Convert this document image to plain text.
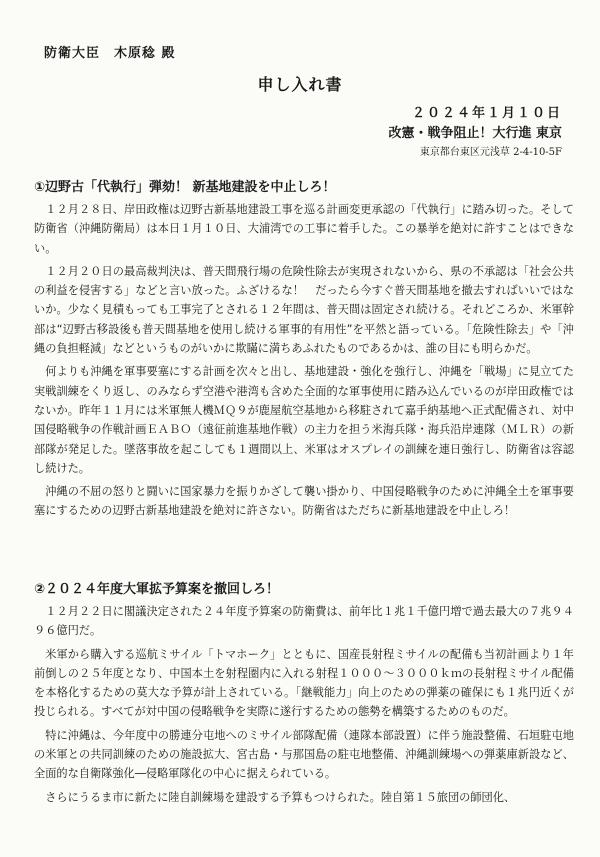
防衛大臣　木原稔 殿
申し入れ書
２０２４年１月１０日
改憲・戦争阻止！大行進 東京
東京都台東区元浅草 2-4-10-5F
①辺野古「代執行」弾劾！ 新基地建設を中止しろ！

１２月２８日、岸田政権は辺野古新基地建設工事を巡る計画変更承認の「代執行」に踏み切った。そして防衛省（沖縄防衛局）は本日１月１０日、大浦湾での工事に着手した。この暴挙を絶対に許すことはできない。

１２月２０日の最高裁判決は、普天間飛行場の危険性除去が実現されないから、県の不承認は「社会公共の利益を侵害する」などと言い放った。ふざけるな！　だったら今すぐ普天間基地を撤去すればいいではないか。少なく見積もっても工事完了とされる１２年間は、普天間は固定され続ける。それどころか、米軍幹部は“辺野古移設後も普天間基地を使用し続ける軍事的有用性”を平然と語っている。「危険性除去」や「沖縄の負担軽減」などというものがいかに欺瞞に満ちあふれたものであるかは、誰の目にも明らかだ。

何よりも沖縄を軍事要塞にする計画を次々と出し、基地建設・強化を強行し、沖縄を「戦場」に見立てた実戦訓練をくり返し、のみならず空港や港湾も含めた全面的な軍事使用に踏み込んでいるのが岸田政権ではないか。昨年１１月には米軍無人機ＭＱ９が鹿屋航空基地から移駐されて嘉手納基地へ正式配備され、対中国侵略戦争の作戦計画ＥＡＢＯ（遠征前進基地作戦）の主力を担う米海兵隊・海兵沿岸連隊（ＭＬＲ）の新部隊が発足した。墜落事故を起こしても１週間以上、米軍はオスプレイの訓練を連日強行し、防衛省は容認し続けた。

沖縄の不屈の怒りと闘いに国家暴力を振りかざして襲い掛かり、中国侵略戦争のために沖縄全土を軍事要塞にするための辺野古新基地建設を絶対に許さない。防衛省はただちに新基地建設を中止しろ！

②２０２４年度大軍拡予算案を撤回しろ！

１２月２２日に閣議決定された２４年度予算案の防衛費は、前年比１兆１千億円増で過去最大の７兆９４９６億円だ。

米軍から購入する巡航ミサイル「トマホーク」とともに、国産長射程ミサイルの配備も当初計画より１年前倒しの２５年度となり、中国本土を射程圏内に入れる射程１０００～３０００ｋｍの長射程ミサイル配備を本格化するための莫大な予算が計上されている。「継戦能力」向上のための弾薬の確保にも１兆円近くが投じられる。すべてが対中国の侵略戦争を実際に遂行するための態勢を構築するためのものだ。

特に沖縄は、今年度中の勝連分屯地へのミサイル部隊配備（連隊本部設置）に伴う施設整備、石垣駐屯地の米軍との共同訓練のための施設拡大、宮古島・与那国島の駐屯地整備、沖縄訓練場への弾薬庫新設など、全面的な自衛隊強化―侵略軍隊化の中心に据えられている。

さらにうるま市に新たに陸自訓練場を建設する予算もつけられた。陸自第１５旅団の師団化、
